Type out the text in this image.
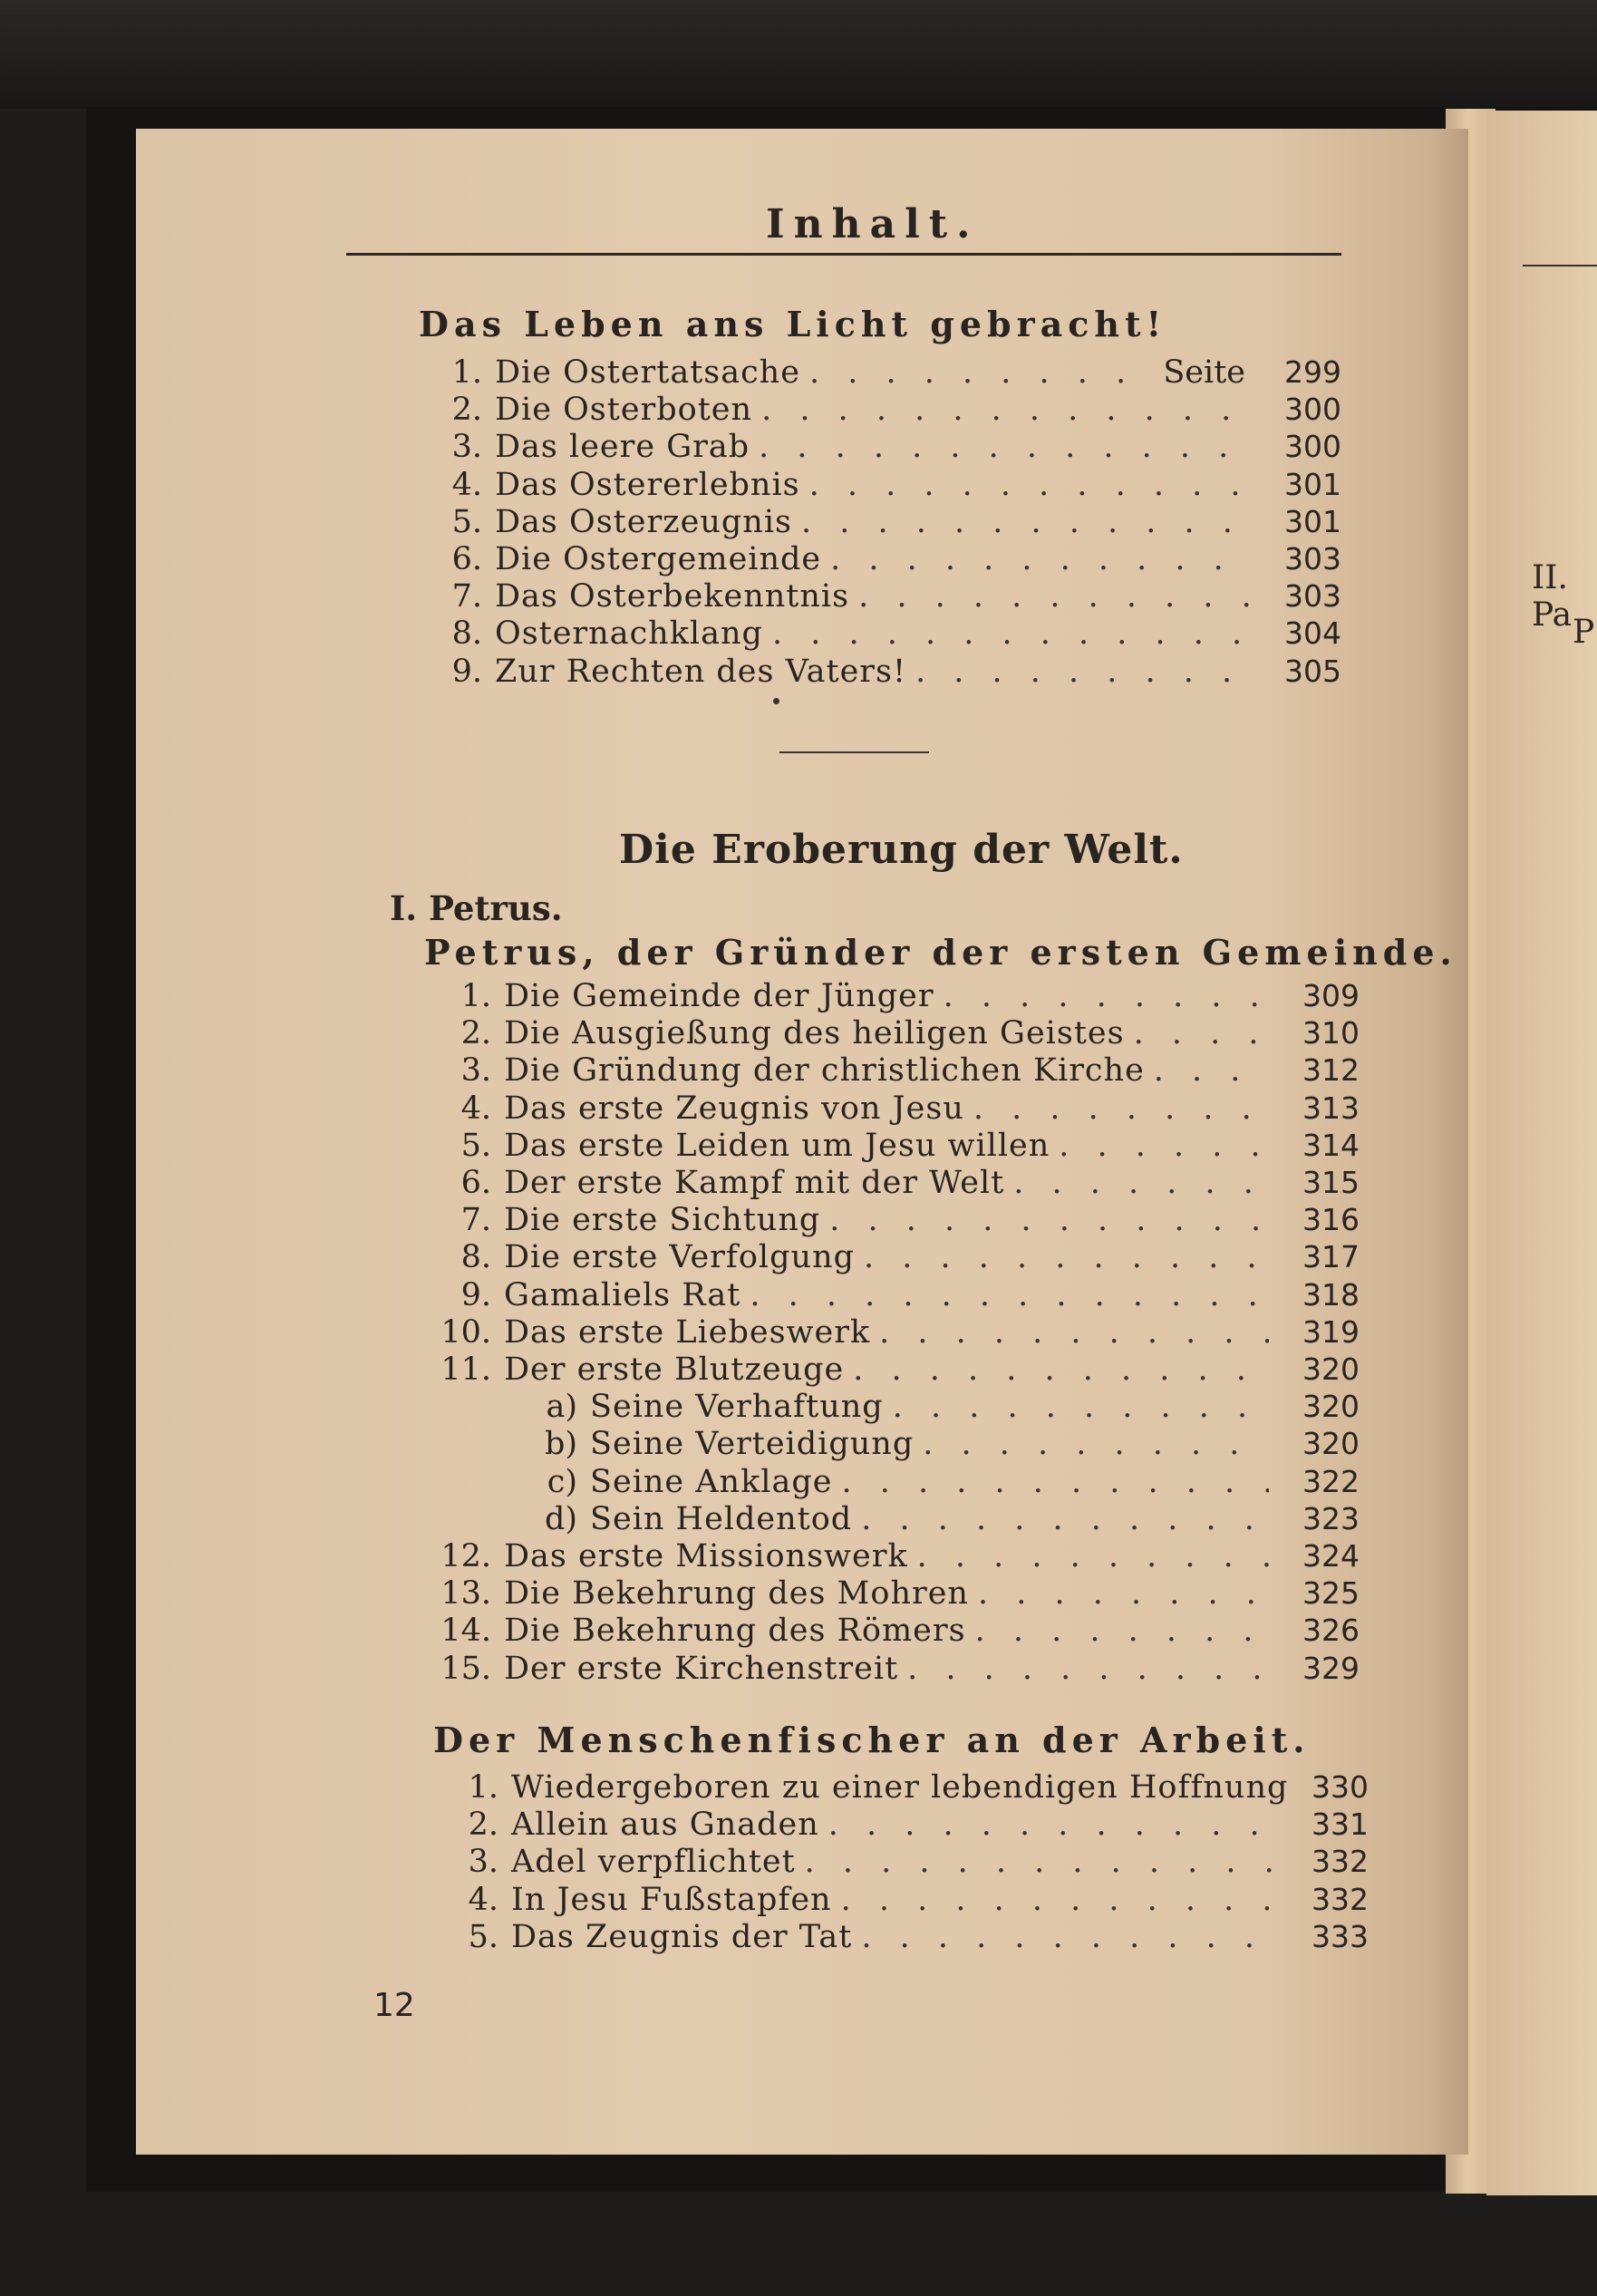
II. Pa P
Inhalt.
Das Leben ans Licht gebracht!
1. Die Ostertatsache . . .	Seite	299
2. Die Osterboten . . .	300
3. Das leere Grab . . .	300
4. Das Ostererlebnis . . .	301
5. Das Osterzeugnis . . .	301
6. Die Ostergemeinde . . .	303
7. Das Osterbekenntnis . . .	303
8. Osternachklang . . .	304
9. Zur Rechten des Vaters! . . .	305
Die Eroberung der Welt.
I. Petrus.
Petrus, der Gründer der ersten Gemeinde.
1. Die Gemeinde der Jünger . . .	309
2. Die Ausgießung des heiligen Geistes . . .	310
3. Die Gründung der christlichen Kirche . . .	312
4. Das erste Zeugnis von Jesu . . .	313
5. Das erste Leiden um Jesu willen . . .	314
6. Der erste Kampf mit der Welt . . .	315
7. Die erste Sichtung . . .	316
8. Die erste Verfolgung . . .	317
9. Gamaliels Rat . . .	318
10. Das erste Liebeswerk . . .	319
11. Der erste Blutzeuge . . .	320
a) Seine Verhaftung . . .	320
b) Seine Verteidigung . . .	320
c) Seine Anklage . . .	322
d) Sein Heldentod . . .	323
12. Das erste Missionswerk . . .	324
13. Die Bekehrung des Mohren . . .	325
14. Die Bekehrung des Römers . . .	326
15. Der erste Kirchenstreit . . .	329
Der Menschenfischer an der Arbeit.
1. Wiedergeboren zu einer lebendigen Hoffnung 330
2. Allein aus Gnaden . . .	331
3. Adel verpflichtet . . .	332
4. In Jesu Fußstapfen . . .	332
5. Das Zeugnis der Tat . . .	333
12
